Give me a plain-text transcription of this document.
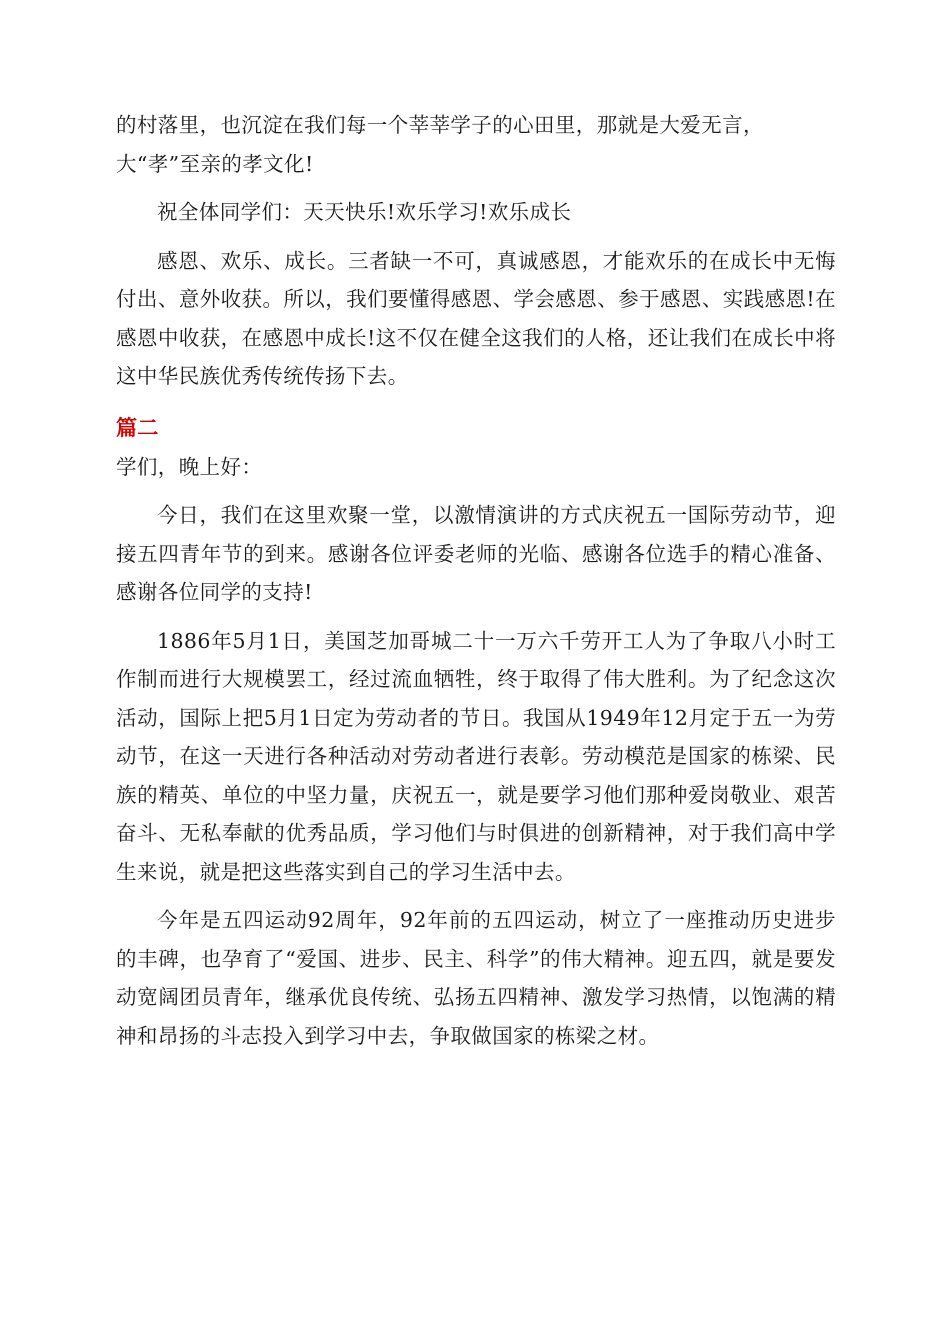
的村落里，也沉淀在我们每一个莘莘学子的心田里，那就是大爱无言，
大“孝”至亲的孝文化!

祝全体同学们：天天快乐!欢乐学习!欢乐成长

感恩、欢乐、成长。三者缺一不可，真诚感恩，才能欢乐的在成长中无悔付出、意外收获。所以，我们要懂得感恩、学会感恩、参于感恩、实践感恩!在感恩中收获，在感恩中成长!这不仅在健全这我们的人格，还让我们在成长中将这中华民族优秀传统传扬下去。

篇二

学们，晚上好：

今日，我们在这里欢聚一堂，以激情演讲的方式庆祝五一国际劳动节，迎接五四青年节的到来。感谢各位评委老师的光临、感谢各位选手的精心准备、感谢各位同学的支持!

1886年5月1日，美国芝加哥城二十一万六千劳开工人为了争取八小时工作制而进行大规模罢工，经过流血牺牲，终于取得了伟大胜利。为了纪念这次活动，国际上把5月1日定为劳动者的节日。我国从1949年12月定于五一为劳动节，在这一天进行各种活动对劳动者进行表彰。劳动模范是国家的栋梁、民族的精英、单位的中坚力量，庆祝五一，就是要学习他们那种爱岗敬业、艰苦奋斗、无私奉献的优秀品质，学习他们与时俱进的创新精神，对于我们高中学生来说，就是把这些落实到自己的学习生活中去。

今年是五四运动92周年，92年前的五四运动，树立了一座推动历史进步的丰碑，也孕育了“爱国、进步、民主、科学”的伟大精神。迎五四，就是要发动宽阔团员青年，继承优良传统、弘扬五四精神、激发学习热情，以饱满的精神和昂扬的斗志投入到学习中去，争取做国家的栋梁之材。
